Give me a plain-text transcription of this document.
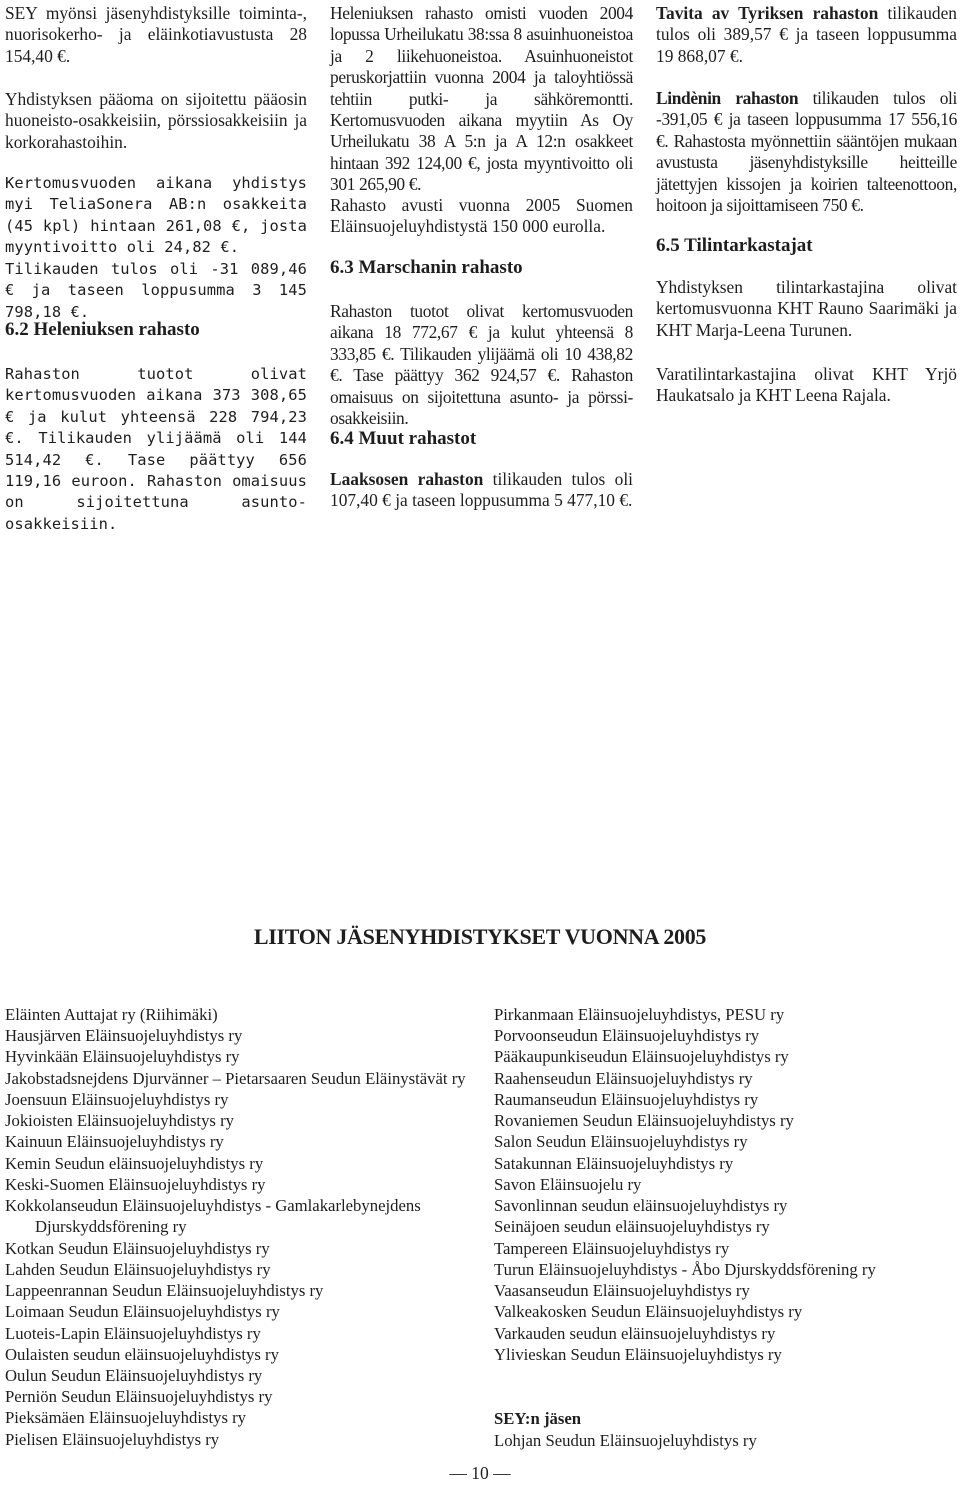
SEY myönsi jäsenyhdistyksille toiminta-, nuorisokerho- ja eläinkotiavustusta 28 154,40 €.

Yhdistyksen pääoma on sijoitettu pääosin huoneisto-osakkeisiin, pörssiosakkeisiin ja korkorahastoihin.

Kertomusvuoden aikana yhdistys myi TeliaSonera AB:n osakkeita (45 kpl) hintaan 261,08 €, josta myyntivoitto oli 24,82 €.

Tilikauden tulos oli -31 089,46 € ja taseen loppusumma 3 145 798,18 €.

6.2 Heleniuksen rahasto

Rahaston tuotot olivat kertomusvuoden aikana 373 308,65 € ja kulut yhteensä 228 794,23 €. Tilikauden ylijäämä oli 144 514,42 €. Tase päättyy 656 119,16 euroon. Rahaston omaisuus on sijoitettuna asunto-osakkeisiin.

Heleniuksen rahasto omisti vuoden 2004 lopussa Urheilukatu 38:ssa 8 asuinhuoneistoa ja 2 liikehuoneistoa. Asuinhuoneistot peruskorjattiin vuonna 2004 ja taloyhtiössä tehtiin putki- ja sähköremontti. Kertomusvuoden aikana myytiin As Oy Urheilukatu 38 A 5:n ja A 12:n osakkeet hintaan 392 124,00 €, josta myyntivoitto oli 301 265,90 €.

Rahasto avusti vuonna 2005 Suomen Eläinsuojeluyhdistystä 150 000 eurolla.

6.3 Marschanin rahasto

Rahaston tuotot olivat kertomusvuoden aikana 18 772,67 € ja kulut yhteensä 8 333,85 €. Tilikauden ylijäämä oli 10 438,82 €. Tase päättyy 362 924,57 €. Rahaston omaisuus on sijoitettuna asunto- ja pörssi-osakkeisiin.

6.4 Muut rahastot

Laaksosen rahaston tilikauden tulos oli 107,40 € ja taseen loppusumma 5 477,10 €.

Tavita av Tyriksen rahaston tilikauden tulos oli 389,57 € ja taseen loppusumma 19 868,07 €.

Lindènin rahaston tilikauden tulos oli -391,05 € ja taseen loppusumma 17 556,16 €. Rahastosta myönnettiin sääntöjen mukaan avustusta jäsenyhdistyksille heitteille jätettyjen kissojen ja koirien talteenottoon, hoitoon ja sijoittamiseen 750 €.

6.5 Tilintarkastajat

Yhdistyksen tilintarkastajina olivat kertomusvuonna KHT Rauno Saarimäki ja KHT Marja-Leena Turunen.

Varatilintarkastajina olivat KHT Yrjö Haukatsalo ja KHT Leena Rajala.

LIITON JÄSENYHDISTYKSET VUONNA 2005
Eläinten Auttajat ry (Riihimäki)
Hausjärven Eläinsuojeluyhdistys ry
Hyvinkään Eläinsuojeluyhdistys ry
Jakobstadsnejdens Djurvänner – Pietarsaaren Seudun Eläinystävät ry
Joensuun Eläinsuojeluyhdistys ry
Jokioisten Eläinsuojeluyhdistys ry
Kainuun Eläinsuojeluyhdistys ry
Kemin Seudun eläinsuojeluyhdistys ry
Keski-Suomen Eläinsuojeluyhdistys ry
Kokkolanseudun Eläinsuojeluyhdistys - Gamlakarlebynejdens
Djurskyddsförening ry
Kotkan Seudun Eläinsuojeluyhdistys ry
Lahden Seudun Eläinsuojeluyhdistys ry
Lappeenrannan Seudun Eläinsuojeluyhdistys ry
Loimaan Seudun Eläinsuojeluyhdistys ry
Luoteis-Lapin Eläinsuojeluyhdistys ry
Oulaisten seudun eläinsuojeluyhdistys ry
Oulun Seudun Eläinsuojeluyhdistys ry
Perniön Seudun Eläinsuojeluyhdistys ry
Pieksämäen Eläinsuojeluyhdistys ry
Pielisen Eläinsuojeluyhdistys ry
Pirkanmaan Eläinsuojeluyhdistys, PESU ry
Porvoonseudun Eläinsuojeluyhdistys ry
Pääkaupunkiseudun Eläinsuojeluyhdistys ry
Raahenseudun Eläinsuojeluyhdistys ry
Raumanseudun Eläinsuojeluyhdistys ry
Rovaniemen Seudun Eläinsuojeluyhdistys ry
Salon Seudun Eläinsuojeluyhdistys ry
Satakunnan Eläinsuojeluyhdistys ry
Savon Eläinsuojelu ry
Savonlinnan seudun eläinsuojeluyhdistys ry
Seinäjoen seudun eläinsuojeluyhdistys ry
Tampereen Eläinsuojeluyhdistys ry
Turun Eläinsuojeluyhdistys - Åbo Djurskyddsförening ry
Vaasanseudun Eläinsuojeluyhdistys ry
Valkeakosken Seudun Eläinsuojeluyhdistys ry
Varkauden seudun eläinsuojeluyhdistys ry
Ylivieskan Seudun Eläinsuojeluyhdistys ry
SEY:n jäsen
Lohjan Seudun Eläinsuojeluyhdistys ry
— 10 —
